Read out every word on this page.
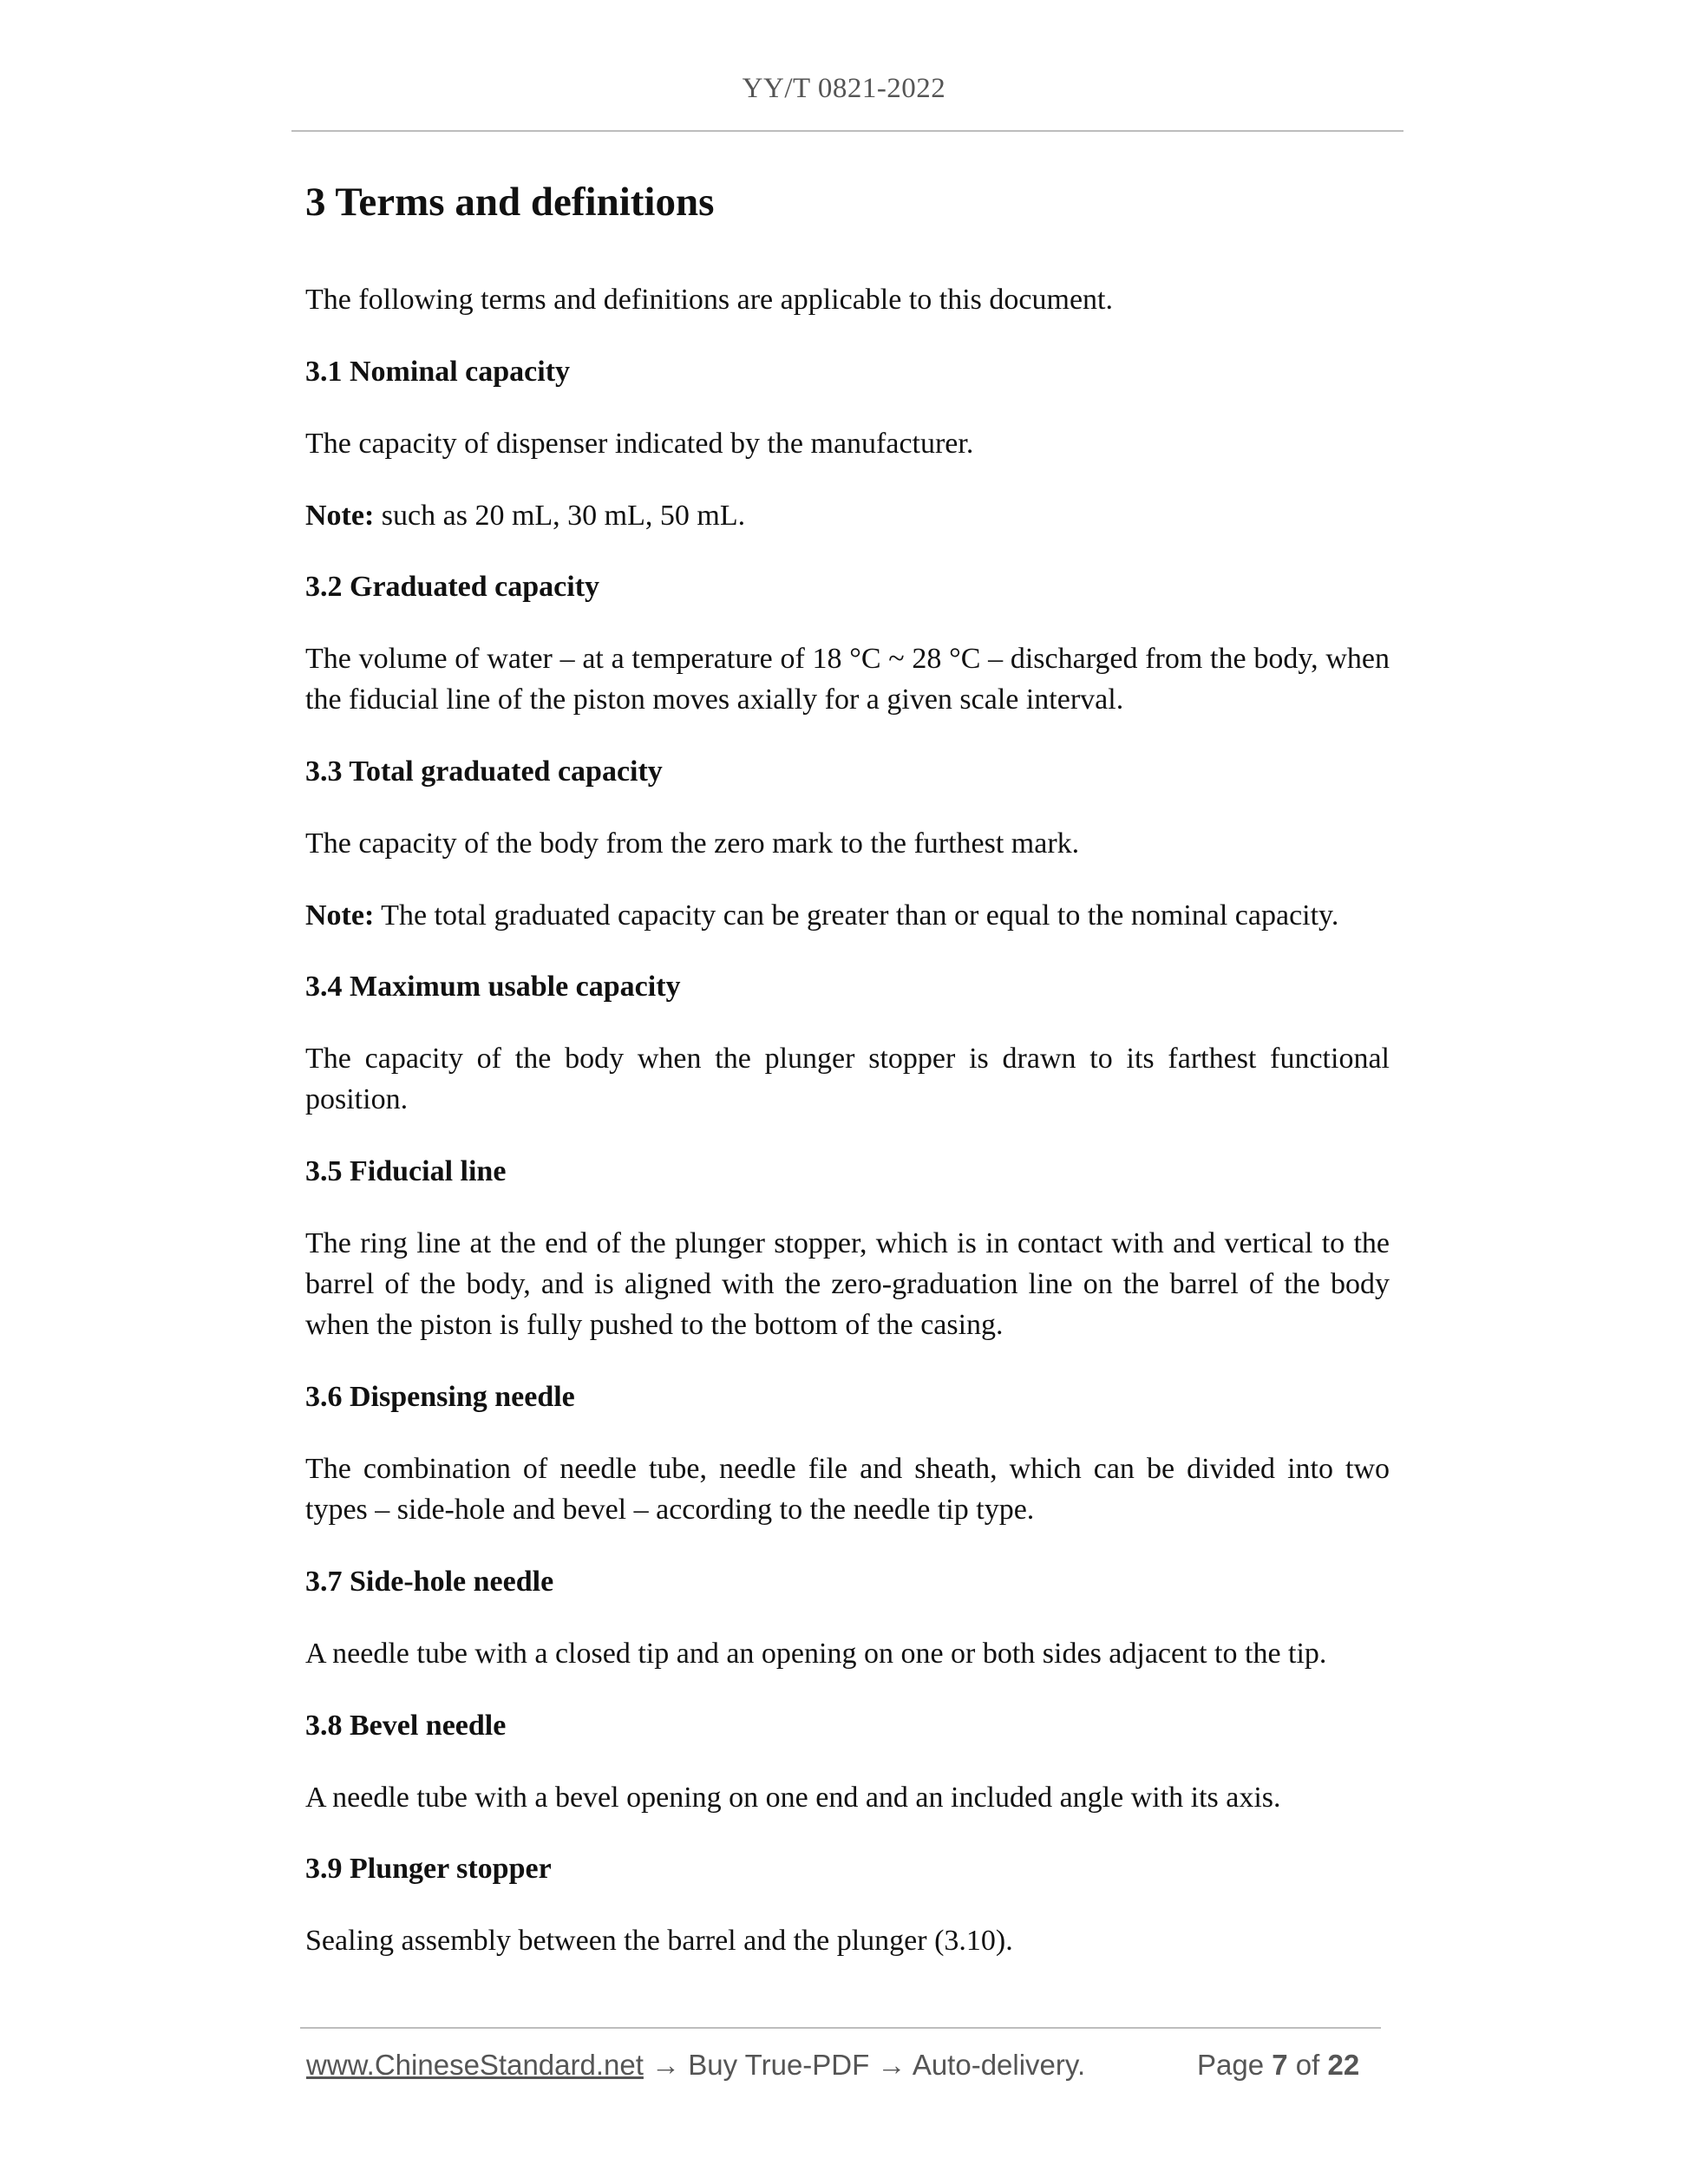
YY/T 0821-2022
3 Terms and definitions

The following terms and definitions are applicable to this document.

3.1 Nominal capacity

The capacity of dispenser indicated by the manufacturer.

Note: such as 20 mL, 30 mL, 50 mL.

3.2 Graduated capacity

The volume of water – at a temperature of 18 °C ~ 28 °C – discharged from the body, when the fiducial line of the piston moves axially for a given scale interval.

3.3 Total graduated capacity

The capacity of the body from the zero mark to the furthest mark.

Note: The total graduated capacity can be greater than or equal to the nominal capacity.

3.4 Maximum usable capacity

The capacity of the body when the plunger stopper is drawn to its farthest functional position.

3.5 Fiducial line

The ring line at the end of the plunger stopper, which is in contact with and vertical to the barrel of the body, and is aligned with the zero-graduation line on the barrel of the body when the piston is fully pushed to the bottom of the casing.

3.6 Dispensing needle

The combination of needle tube, needle file and sheath, which can be divided into two types – side-hole and bevel – according to the needle tip type.

3.7 Side-hole needle

A needle tube with a closed tip and an opening on one or both sides adjacent to the tip.

3.8 Bevel needle

A needle tube with a bevel opening on one end and an included angle with its axis.

3.9 Plunger stopper

Sealing assembly between the barrel and the plunger (3.10).

www.ChineseStandard.net → Buy True-PDF → Auto-delivery.	Page 7 of 22
